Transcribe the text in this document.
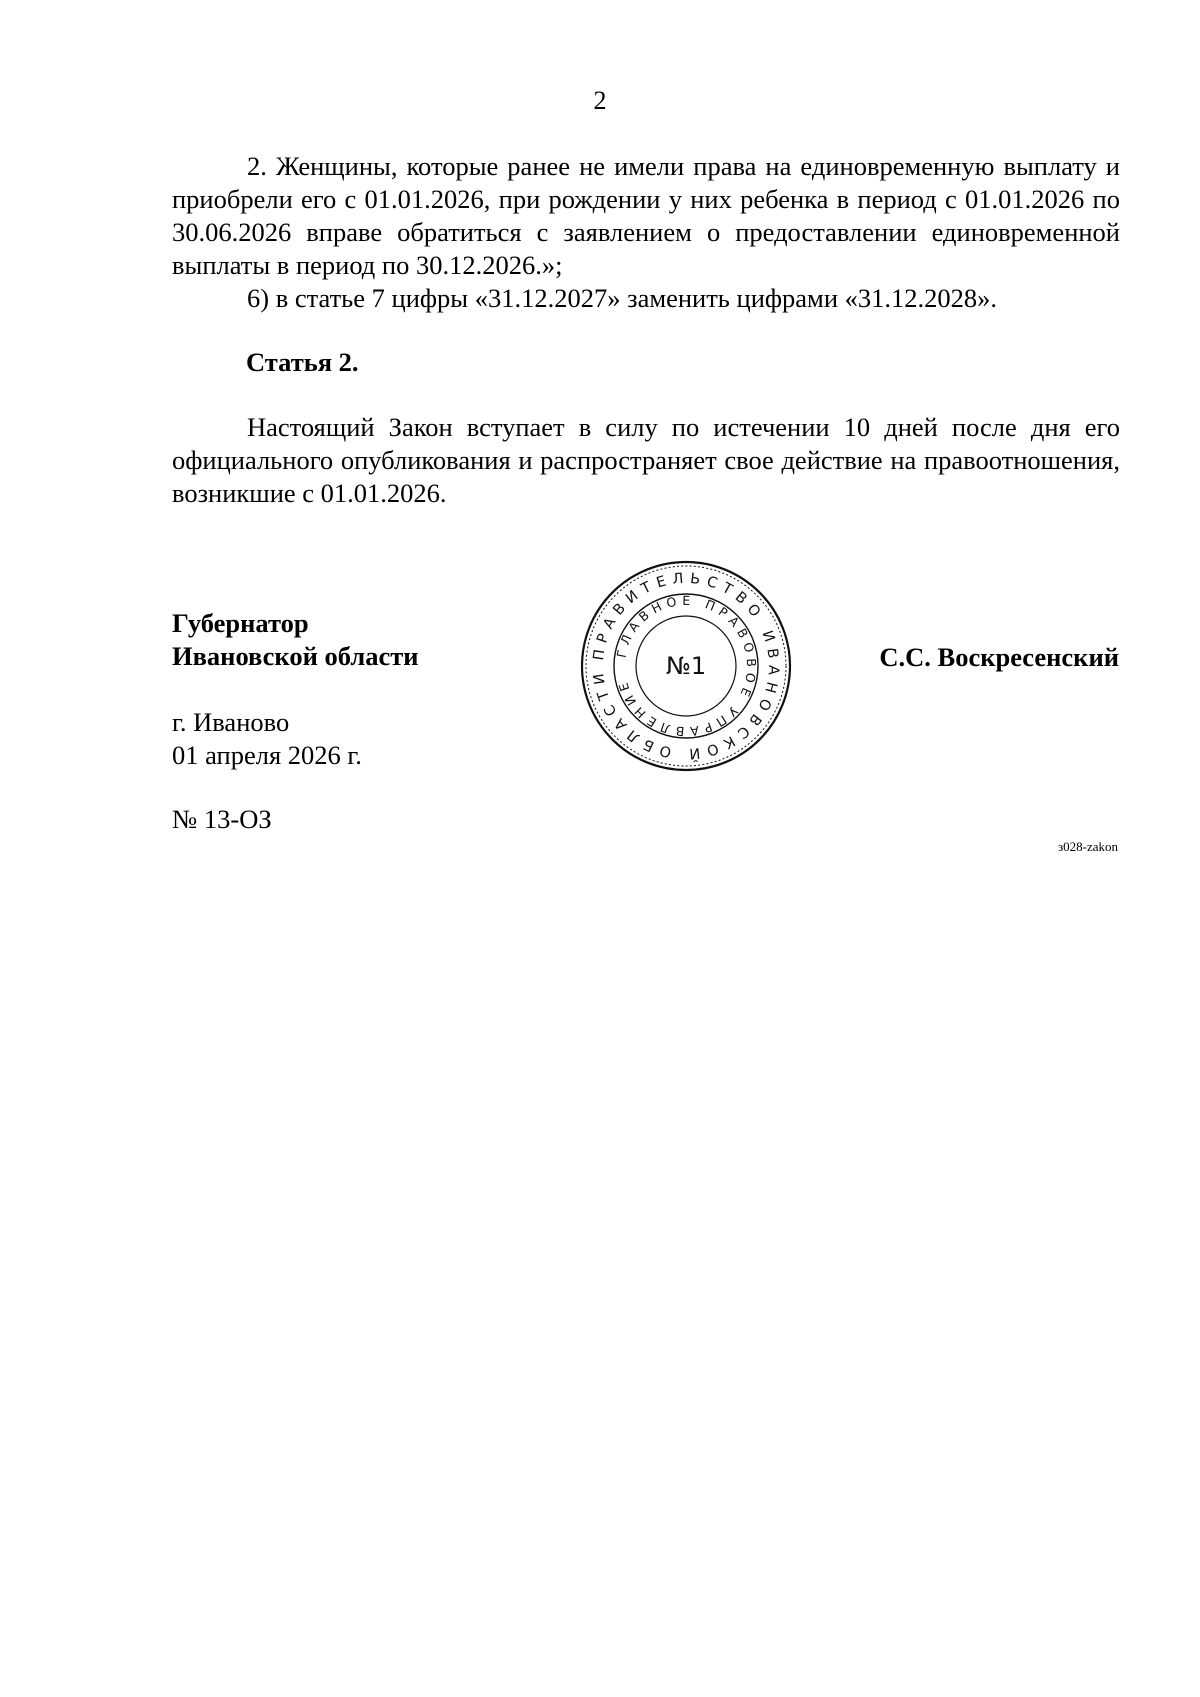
2

2. Женщины, которые ранее не имели права на единовременную выплату и приобрели его с 01.01.2026, при рождении у них ребенка в период с 01.01.2026 по 30.06.2026 вправе обратиться с заявлением о предоставлении единовременной выплаты в период по 30.12.2026.»;

6) в статье 7 цифры «31.12.2027» заменить цифрами «31.12.2028».

Статья 2.

Настоящий Закон вступает в силу по истечении 10 дней после дня его официального опубликования и распространяет свое действие на правоотношения, возникшие с 01.01.2026.

Губернатор
Ивановской области	ПРАВИТЕЛЬСТВО ИВАНОВСКОЙ ОБЛАСТИ
ГЛАВНОЕ ПРАВОВОЕ УПРАВЛЕНИЕ
№1	С.С. Воскресенский
г. Иваново
01 апреля 2026 г.
№ 13-ОЗ
з028-zakon
